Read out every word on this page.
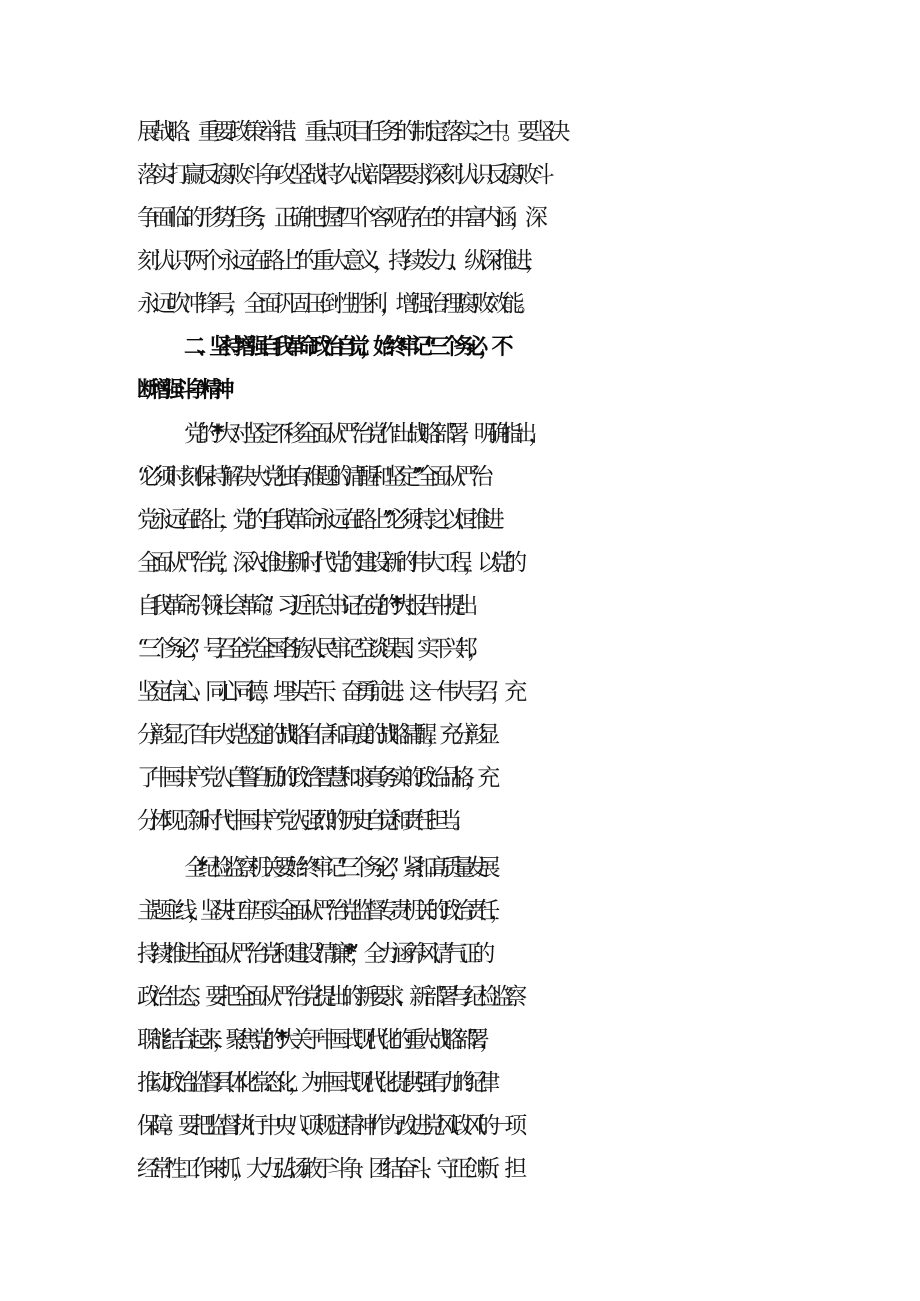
展战略、重要政策举措、重点项目任务的制定落实之中。要坚决

落实打赢反腐败斗争攻坚战持久战部署要求,深刻认识反腐败斗

争面临的形势任务，正确把握“四个客观存在”的丰富内涵，深

刻认识“两个永远在路上”的重大意义，持续发力、纵深推进，

永远吹冲锋号，全面巩固压倒性胜利，增强治理腐败效能。

二、坚持增强自我革命政治自觉，始终牢记“三个务必，不

断增强斗争精神

党的**大对坚定不移全面从严治党作出战略部署，明确指出，

“必须时刻保持解决大党独有难题的清醒和坚定”“全面从严治

党永远在路上，党的自我革命永远在路上”“必须持之以恒推进

全面从严治党，深入推进新时代党的建设新的伟大工程，以党的

自我革命引领社会革命”。习近平总书记在党的**大报告中提出

“三个务必”，号召全党全国各族人民牢记空谈误国、实干兴邦，

坚定信心、同心同德，埋头苦干、奋勇前进。这一伟大号召，充

分彰显了百年大党坚定的战略自信和高度的战略清醒，充分彰显

了中国共产党人自警自励的政治智慧和求真务实的政治品格，充

分体现了新时代中国共产党人强烈的历史自觉和责任担当。

全*纪检监察机关要始终牢记“三个务必”，紧扣高质量发展

主题主线，坚决扛牢压实全面从严治党监督专责机关的政治责任，

持续推进全面从严治党和建设“清廉**”，全力涵养风清气正的

政治生态。要把全面从严治党提出的新要求、新部署与纪检监察

职能结合起来，聚焦党的**大关于中国式现代化的重大战略部署，

推动政治监督具体化常态化，为中国式现代化提供强有力的纪律

保障。要把监督执行中央八项规定精神作为改进党风政风的一项

经常性工作来抓，大力弘扬敢于斗争、团结奋斗、守正创新、担
